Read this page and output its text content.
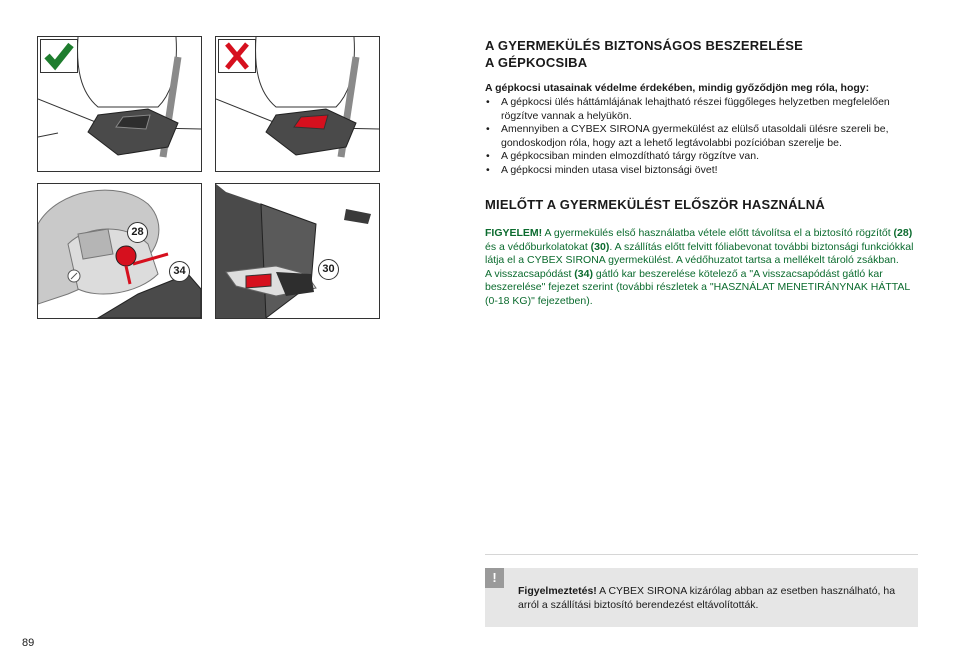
28
34	30
A GYERMEKÜLÉS BIZTONSÁGOS BESZERELÉSE
A GÉPKOCSIBA
A gépkocsi utasainak védelme érdekében, mindig győződjön meg róla, hogy:
• A gépkocsi ülés háttámlájának lehajtható részei függőleges helyzetben megfelelően rögzítve vannak a helyükön.
• Amennyiben a CYBEX SIRONA gyermekülést az elülső utasoldali ülésre szereli be, gondoskodjon róla, hogy azt a lehető legtávolabbi pozícióban szerelje be.
• A gépkocsiban minden elmozdítható tárgy rögzítve van.
• A gépkocsi minden utasa visel biztonsági övet!
MIELŐTT A GYERMEKÜLÉST ELŐSZÖR HASZNÁLNÁ
FIGYELEM! A gyermekülés első használatba vétele előtt távolítsa el a biztosító rögzítőt (28) és a védőburkolatokat (30). A szállítás előtt felvitt fóliabevonat további biztonsági funkciókkal látja el a CYBEX SIRONA gyermekülést. A védőhuzatot tartsa a mellékelt tároló zsákban.
A visszacsapódást (34) gátló kar beszerelése kötelező a "A visszacsapódást gátló kar beszerelése" fejezet szerint (további részletek a "HASZNÁLAT MENETIRÁNYNAK HÁTTAL (0-18 KG)" fejezetben).
!
Figyelmeztetés! A CYBEX SIRONA kizárólag abban az esetben használható, ha arról a szállítási biztosító berendezést eltávolították.
89
